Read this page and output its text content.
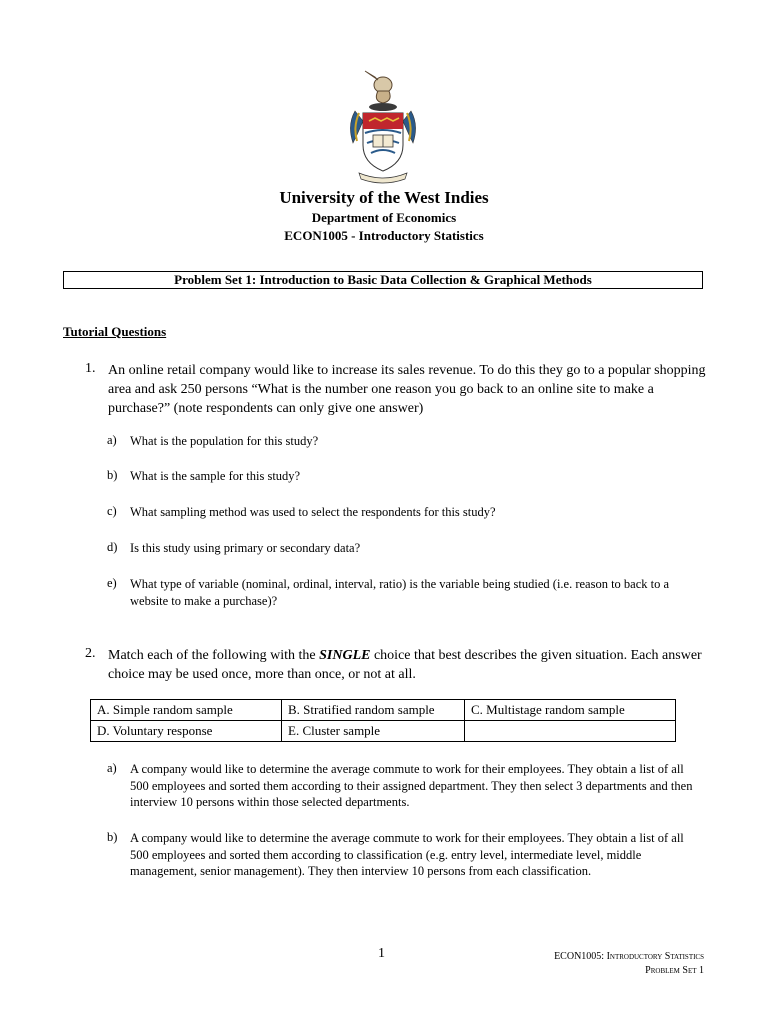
University of the West Indies
Department of Economics
ECON1005 - Introductory Statistics
Problem Set 1: Introduction to Basic Data Collection & Graphical Methods
Tutorial Questions
1. An online retail company would like to increase its sales revenue. To do this they go to a popular shopping area and ask 250 persons “What is the number one reason you go back to an online site to make a purchase?” (note respondents can only give one answer)
a) What is the population for this study?
b) What is the sample for this study?
c) What sampling method was used to select the respondents for this study?
d) Is this study using primary or secondary data?
e) What type of variable (nominal, ordinal, interval, ratio) is the variable being studied (i.e. reason to back to a website to make a purchase)?
2. Match each of the following with the SINGLE choice that best describes the given situation. Each answer choice may be used once, more than once, or not at all.
A. Simple random sample	B. Stratified random sample	C. Multistage random sample
D. Voluntary response	E. Cluster sample	
a) A company would like to determine the average commute to work for their employees. They obtain a list of all 500 employees and sorted them according to their assigned department. They then select 3 departments and then interview 10 persons within those selected departments.
b) A company would like to determine the average commute to work for their employees. They obtain a list of all 500 employees and sorted them according to classification (e.g. entry level, intermediate level, middle management, senior management). They then interview 10 persons from each classification.
1	ECON1005: Introductory Statistics
Problem Set 1
